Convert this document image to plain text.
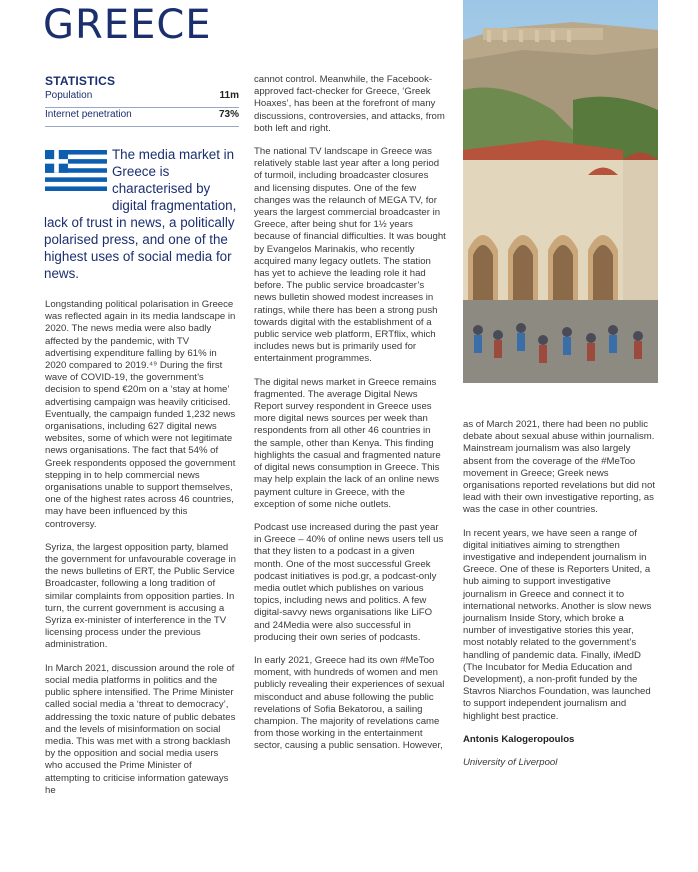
GREECE
STATISTICS
Population	11m
Internet penetration	73%
The media market in Greece is characterised by digital fragmentation, lack of trust in news, a politically polarised press, and one of the highest uses of social media for news.

Longstanding political polarisation in Greece was reflected again in its media landscape in 2020. The news media were also badly affected by the pandemic, with TV advertising expenditure falling by 61% in 2020 compared to 2019.⁴⁹ During the first wave of COVID-19, the government’s decision to spend €20m on a ‘stay at home’ advertising campaign was heavily criticised. Eventually, the campaign funded 1,232 news organisations, including 627 digital news websites, some of which were not legitimate news organisations. The fact that 54% of Greek respondents opposed the government stepping in to help commercial news organisations unable to support themselves, one of the highest rates across 46 countries, may have been influenced by this controversy.

Syriza, the largest opposition party, blamed the government for unfavourable coverage in the news bulletins of ERT, the Public Service Broadcaster, following a long tradition of similar complaints from opposition parties. In turn, the current government is accusing a Syriza ex-minister of interference in the TV licensing process under the previous administration.

In March 2021, discussion around the role of social media platforms in politics and the public sphere intensified. The Prime Minister called social media a ‘threat to democracy’, addressing the toxic nature of public debates and the levels of misinformation on social media. This was met with a strong backlash by the opposition and social media users who accused the Prime Minister of attempting to criticise information gateways he

cannot control. Meanwhile, the Facebook-approved fact-checker for Greece, ‘Greek Hoaxes’, has been at the forefront of many discussions, controversies, and attacks, from both left and right.

The national TV landscape in Greece was relatively stable last year after a long period of turmoil, including broadcaster closures and licensing disputes. One of the few changes was the relaunch of MEGA TV, for years the largest commercial broadcaster in Greece, after being shut for 1½ years because of financial difficulties. It was bought by Evangelos Marinakis, who recently acquired many legacy outlets. The station has yet to achieve the leading role it had before. The public service broadcaster’s news bulletin showed modest increases in ratings, while there has been a strong push towards digital with the establishment of a public service web platform, ERTflix, which includes news but is primarily used for entertainment programmes.

The digital news market in Greece remains fragmented. The average Digital News Report survey respondent in Greece uses more digital news sources per week than respondents from all other 46 countries in the sample, other than Kenya. This finding highlights the casual and fragmented nature of digital news consumption in Greece. This may help explain the lack of an online news payment culture in Greece, with the exception of some niche outlets.

Podcast use increased during the past year in Greece – 40% of online news users tell us that they listen to a podcast in a given month. One of the most successful Greek podcast initiatives is pod.gr, a podcast-only media outlet which publishes on various topics, including news and politics. A few digital-savvy news organisations like LiFO and 24Media were also successful in producing their own series of podcasts.

In early 2021, Greece had its own #MeToo moment, with hundreds of women and men publicly revealing their experiences of sexual misconduct and abuse following the public revelations of Sofia Bekatorou, a sailing champion. The majority of revelations came from those working in the entertainment sector, causing a public sensation. However,

as of March 2021, there had been no public debate about sexual abuse within journalism. Mainstream journalism was also largely absent from the coverage of the #MeToo movement in Greece; Greek news organisations reported revelations but did not lead with their own investigative reporting, as was the case in other countries.

In recent years, we have seen a range of digital initiatives aiming to strengthen investigative and independent journalism in Greece. One of these is Reporters United, a hub aiming to support investigative journalism in Greece and connect it to international networks. Another is slow news journalism Inside Story, which broke a number of investigative stories this year, most notably related to the government’s handling of pandemic data. Finally, iMedD (The Incubator for Media Education and Development), a non-profit funded by the Stavros Niarchos Foundation, was launched to support independent journalism and highlight best practice.

Antonis Kalogeropoulos

University of Liverpool
